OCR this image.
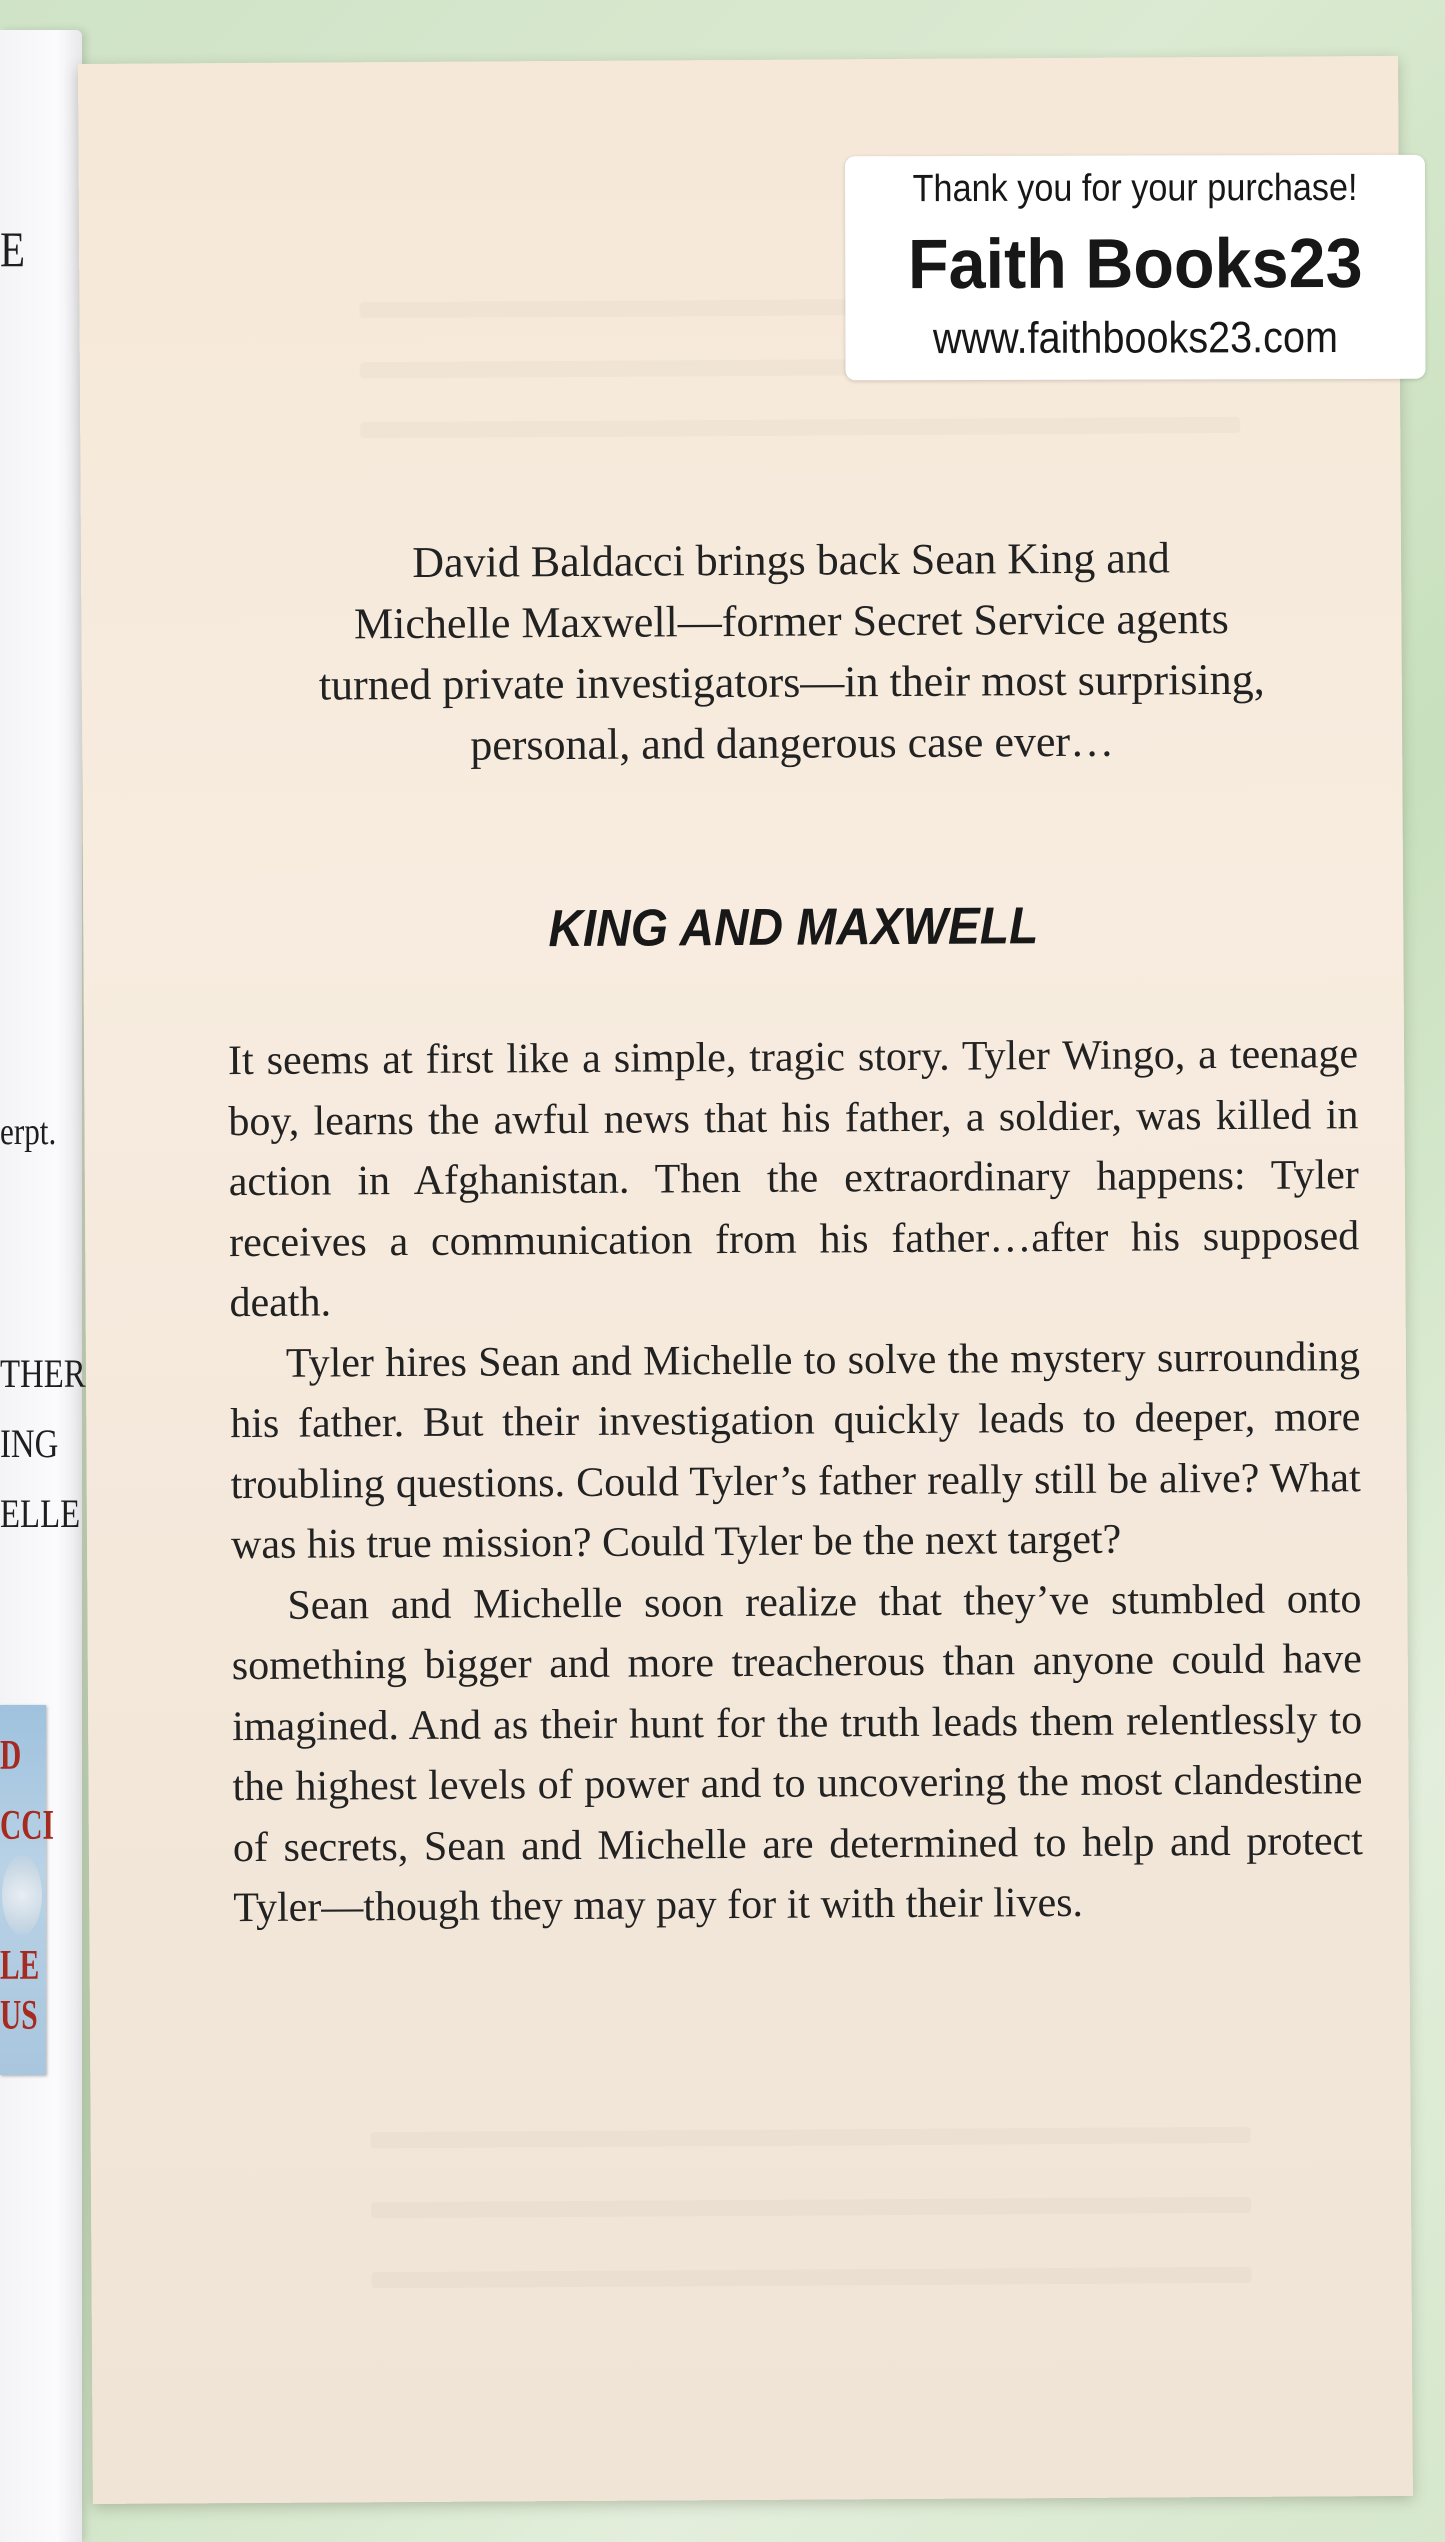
E
erpt.
THER
ING
ELLE
D
CCI
LE
US
Thank you for your purchase!
Faith Books23
www.faithbooks23.com
David Baldacci brings back Sean King and
Michelle Maxwell—former Secret Service agents
turned private investigators—in their most surprising,
personal, and dangerous case ever…
KING AND MAXWELL

It seems at first like a simple, tragic story. Tyler Wingo, a teenage boy, learns the awful news that his father, a soldier, was killed in action in Afghanistan. Then the extraordinary happens: Tyler receives a communication from his father…after his supposed death.

Tyler hires Sean and Michelle to solve the mystery surrounding his father. But their investigation quickly leads to deeper, more troubling questions. Could Tyler’s father really still be alive? What was his true mission? Could Tyler be the next target?

Sean and Michelle soon realize that they’ve stumbled onto something bigger and more treacherous than anyone could have imagined. And as their hunt for the truth leads them relentlessly to the highest levels of power and to uncovering the most clandestine of secrets, Sean and Michelle are determined to help and protect Tyler—though they may pay for it with their lives.
